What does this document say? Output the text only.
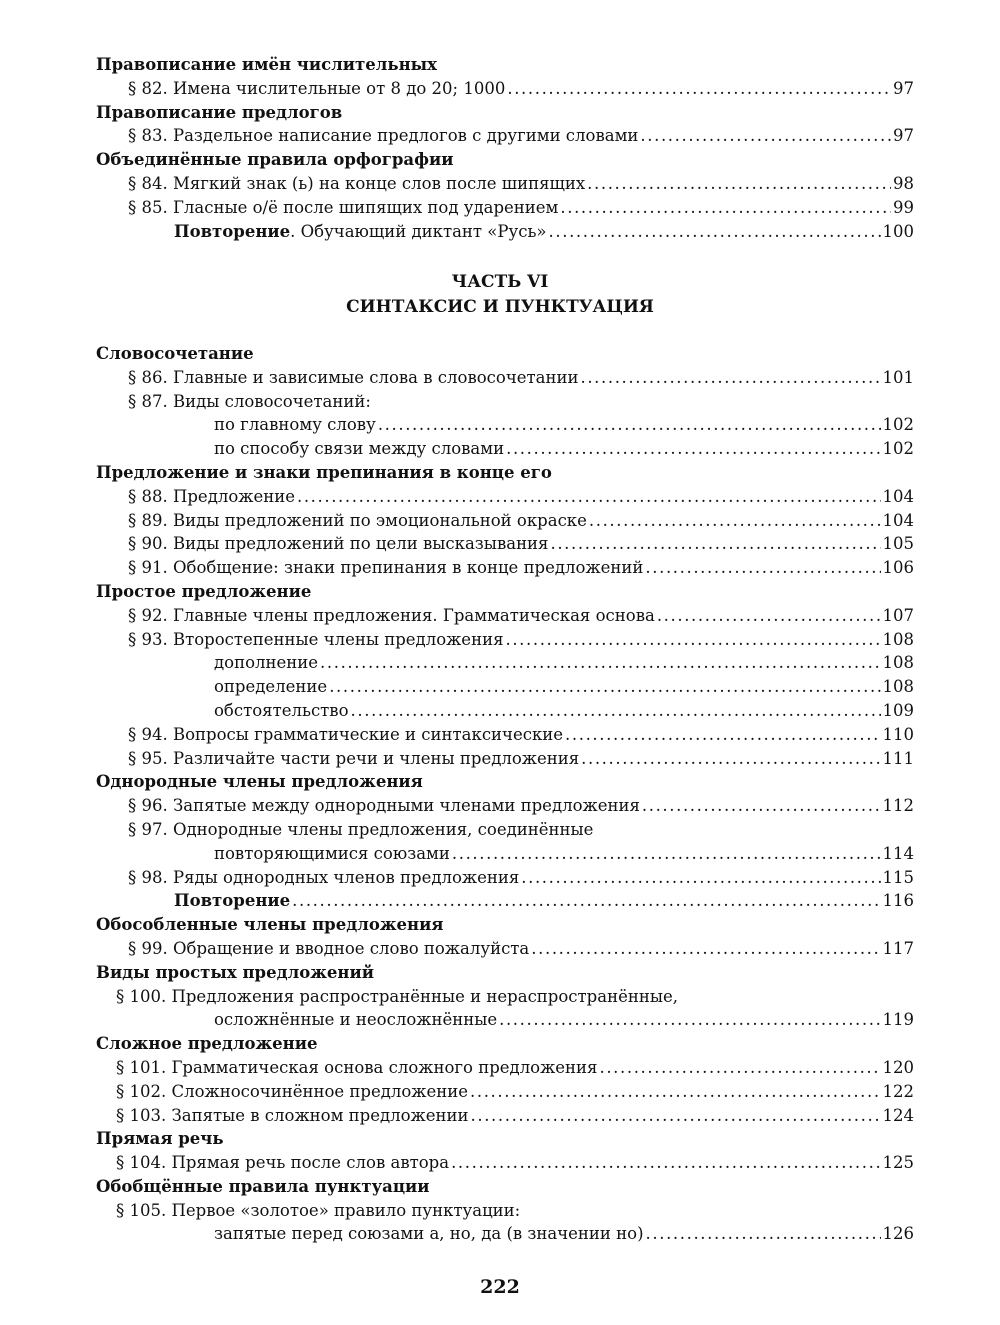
Правописание имён числительных
§ 82. Имена числительные от 8 до 20; 1000 .....	97
Правописание предлогов
§ 83. Раздельное написание предлогов с другими словами .....	97
Объединённые правила орфографии
§ 84. Мягкий знак (ь) на конце слов после шипящих .....	98
§ 85. Гласные о/ё после шипящих под ударением .....	99
Повторение. Обучающий диктант «Русь» .....	100
ЧАСТЬ VI
СИНТАКСИС И ПУНКТУАЦИЯ
Словосочетание
§ 86. Главные и зависимые слова в словосочетании .....	101
§ 87. Виды словосочетаний:
по главному слову .....	102
по способу связи между словами .....	102
Предложение и знаки препинания в конце его
§ 88. Предложение .....	104
§ 89. Виды предложений по эмоциональной окраске .....	104
§ 90. Виды предложений по цели высказывания .....	105
§ 91. Обобщение: знаки препинания в конце предложений .....	106
Простое предложение
§ 92. Главные члены предложения. Грамматическая основа .....	107
§ 93. Второстепенные члены предложения .....	108
дополнение .....	108
определение .....	108
обстоятельство .....	109
§ 94. Вопросы грамматические и синтаксические .....	110
§ 95. Различайте части речи и члены предложения .....	111
Однородные члены предложения
§ 96. Запятые между однородными членами предложения .....	112
§ 97. Однородные члены предложения, соединённые
повторяющимися союзами .....	114
§ 98. Ряды однородных членов предложения .....	115
Повторение .....	116
Обособленные члены предложения
§ 99. Обращение и вводное слово пожалуйста .....	117
Виды простых предложений
§ 100. Предложения распространённые и нераспространённые,
осложнённые и неосложнённые .....	119
Сложное предложение
§ 101. Грамматическая основа сложного предложения .....	120
§ 102. Сложносочинённое предложение .....	122
§ 103. Запятые в сложном предложении .....	124
Прямая речь
§ 104. Прямая речь после слов автора .....	125
Обобщённые правила пунктуации
§ 105. Первое «золотое» правило пунктуации:
запятые перед союзами а, но, да (в значении но) .....	126
222
